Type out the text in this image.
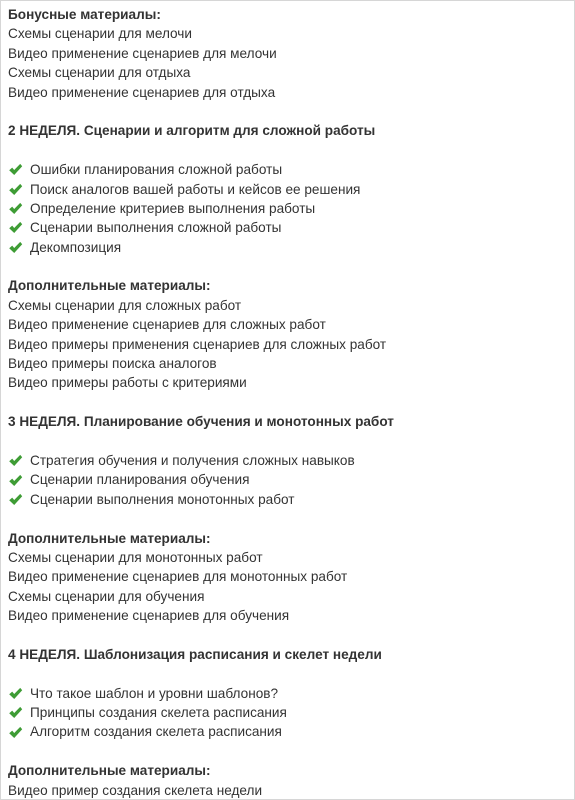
Бонусные материалы:
Схемы сценарии для мелочи
Видео применение сценариев для мелочи
Схемы сценарии для отдыха
Видео применение сценариев для отдыха
2 НЕДЕЛЯ. Сценарии и алгоритм для сложной работы
Ошибки планирования сложной работы
Поиск аналогов вашей работы и кейсов ее решения
Определение критериев выполнения работы
Сценарии выполнения сложной работы
Декомпозиция
Дополнительные материалы:
Схемы сценарии для сложных работ
Видео применение сценариев для сложных работ
Видео примеры применения сценариев для сложных работ
Видео примеры поиска аналогов
Видео примеры работы с критериями
3 НЕДЕЛЯ. Планирование обучения и монотонных работ
Стратегия обучения и получения сложных навыков
Сценарии планирования обучения
Сценарии выполнения монотонных работ
Дополнительные материалы:
Схемы сценарии для монотонных работ
Видео применение сценариев для монотонных работ
Схемы сценарии для обучения
Видео применение сценариев для обучения
4 НЕДЕЛЯ. Шаблонизация расписания и скелет недели
Что такое шаблон и уровни шаблонов?
Принципы создания скелета расписания
Алгоритм создания скелета расписания
Дополнительные материалы:
Видео пример создания скелета недели
